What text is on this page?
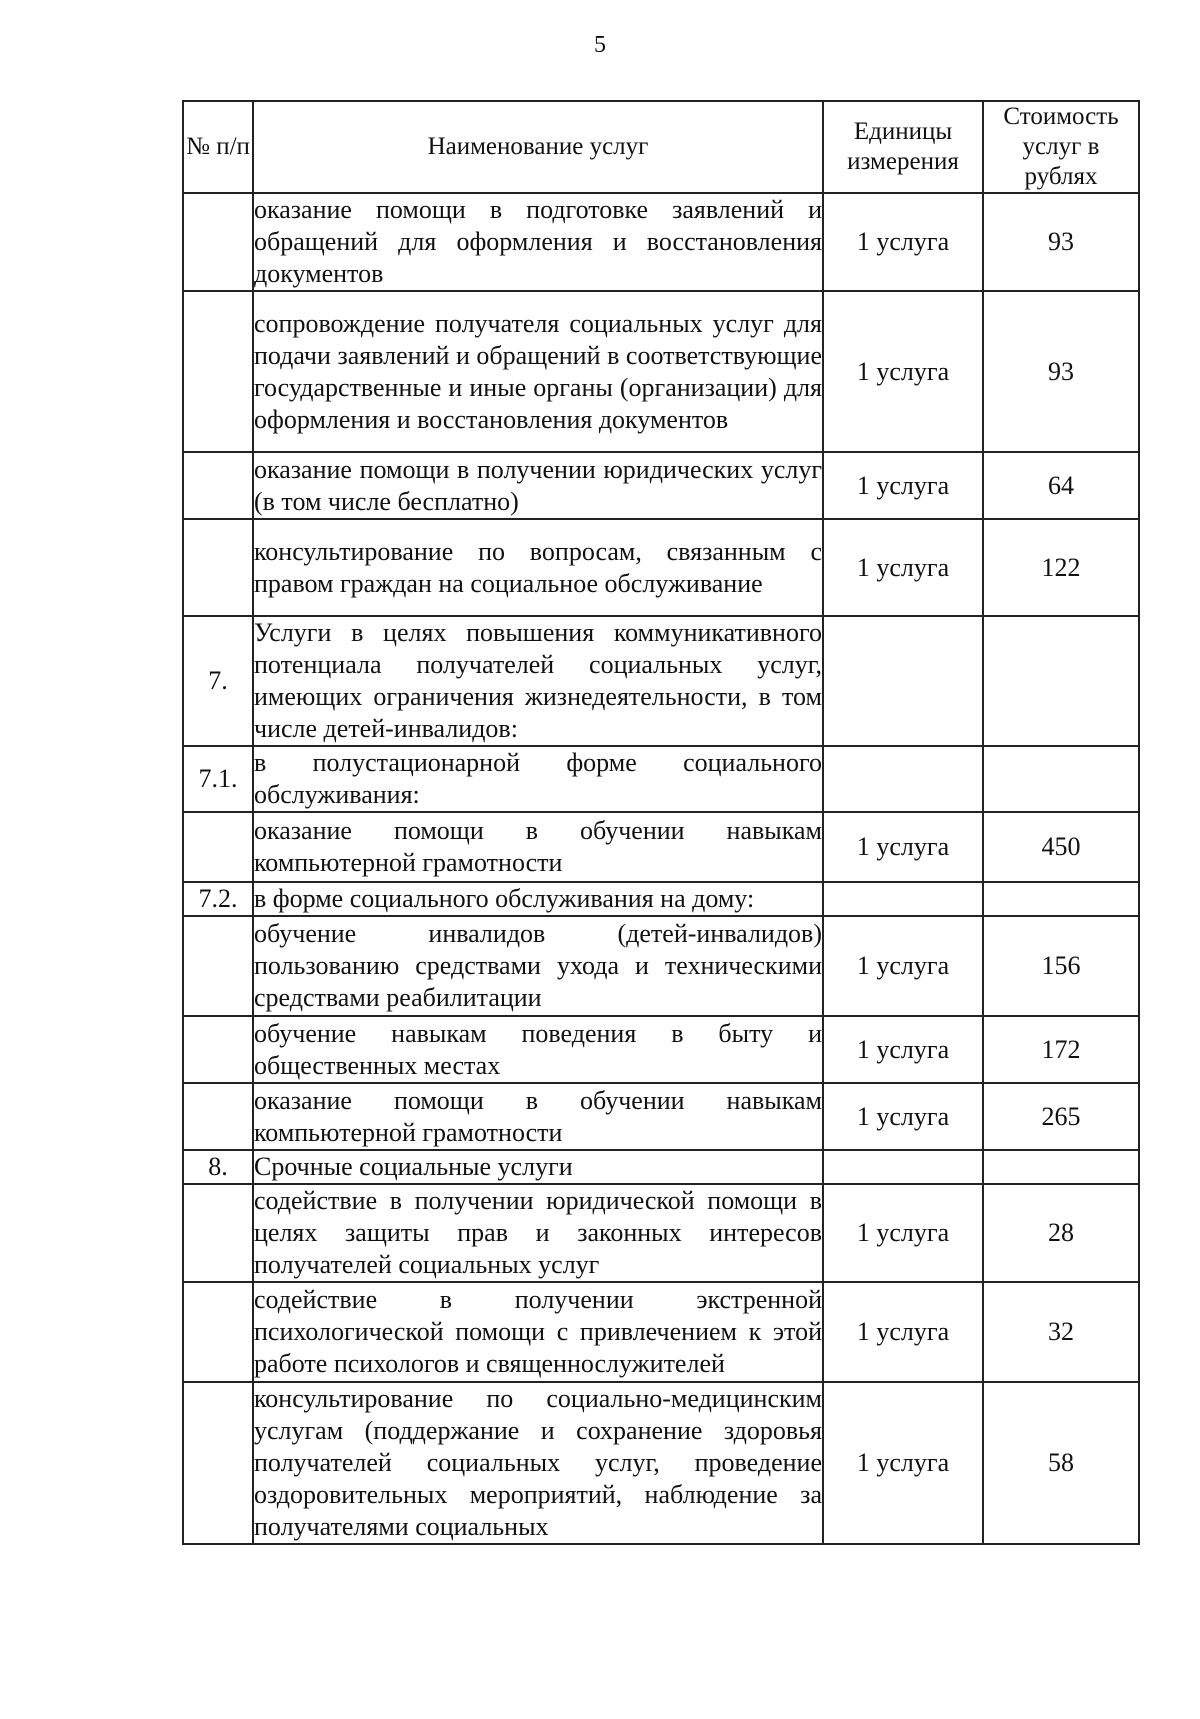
5
№ п/п	Наименование услуг	Единицы измерения	Стоимость услуг в рублях
	оказание помощи в подготовке заявлений и обращений для оформления и восстановления документов	1 услуга	93
	сопровождение получателя социальных услуг для подачи заявлений и обращений в соответствующие государственные и иные органы (организации) для оформления и восстановления документов	1 услуга	93
	оказание помощи в получении юридических услуг (в том числе бесплатно)	1 услуга	64
	консультирование по вопросам, связанным с правом граждан на социальное обслуживание	1 услуга	122
7.	Услуги в целях повышения коммуникативного потенциала получателей социальных услуг, имеющих ограничения жизнедеятельности, в том числе детей-инвалидов:		
7.1.	в полустационарной форме социального обслуживания:		
	оказание помощи в обучении навыкам компьютерной грамотности	1 услуга	450
7.2.	в форме социального обслуживания на дому:		
	обучение инвалидов (детей-инвалидов) пользованию средствами ухода и техническими средствами реабилитации	1 услуга	156
	обучение навыкам поведения в быту и общественных местах	1 услуга	172
	оказание помощи в обучении навыкам компьютерной грамотности	1 услуга	265
8.	Срочные социальные услуги		
	содействие в получении юридической помощи в целях защиты прав и законных интересов получателей социальных услуг	1 услуга	28
	содействие в получении экстренной психологической помощи с привлечением к этой работе психологов и священнослужителей	1 услуга	32
	консультирование по социально-медицинским услугам (поддержание и сохранение здоровья получателей социальных услуг, проведение оздоровительных мероприятий, наблюдение за получателями социальных	1 услуга	58
